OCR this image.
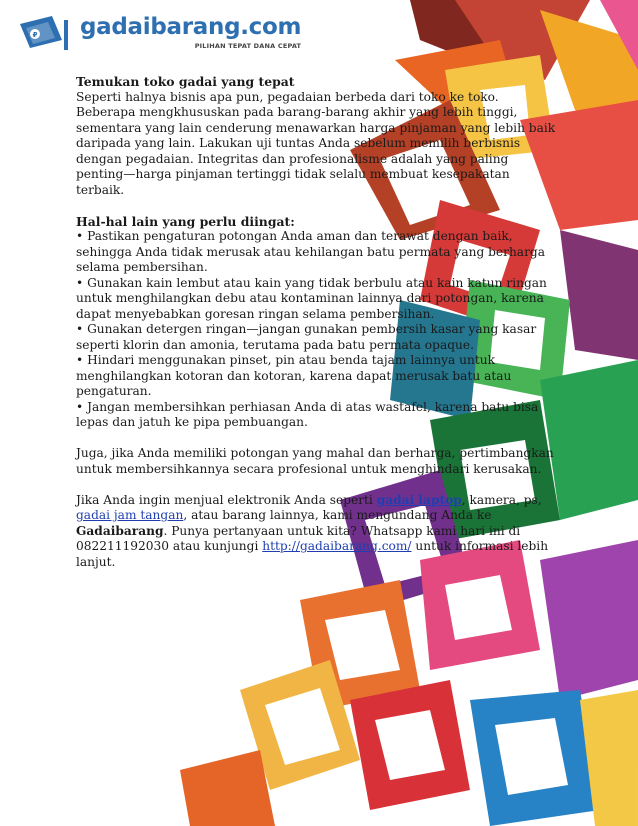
₽ gadaibarang.com
PILIHAN TEPAT DANA CEPAT
Temukan toko gadai yang tepat

Seperti halnya bisnis apa pun, pegadaian berbeda dari toko ke toko. Beberapa mengkhususkan pada barang-barang akhir yang lebih tinggi, sementara yang lain cenderung menawarkan harga pinjaman yang lebih baik daripada yang lain. Lakukan uji tuntas Anda sebelum memilih berbisnis dengan pegadaian. Integritas dan profesionalisme adalah yang paling penting—harga pinjaman tertinggi tidak selalu membuat kesepakatan terbaik.

Hal-hal lain yang perlu diingat:

• Pastikan pengaturan potongan Anda aman dan terawat dengan baik, sehingga Anda tidak merusak atau kehilangan batu permata yang berharga selama pembersihan.

• Gunakan kain lembut atau kain yang tidak berbulu atau kain katun ringan untuk menghilangkan debu atau kontaminan lainnya dari potongan, karena dapat menyebabkan goresan ringan selama pembersihan.

• Gunakan detergen ringan—jangan gunakan pembersih kasar yang kasar seperti klorin dan amonia, terutama pada batu permata opaque.

• Hindari menggunakan pinset, pin atau benda tajam lainnya untuk menghilangkan kotoran dan kotoran, karena dapat merusak batu atau pengaturan.

• Jangan membersihkan perhiasan Anda di atas wastafel, karena batu bisa lepas dan jatuh ke pipa pembuangan.

Juga, jika Anda memiliki potongan yang mahal dan berharga, pertimbangkan untuk membersihkannya secara profesional untuk menghindari kerusakan.

Jika Anda ingin menjual elektronik Anda seperti gadai laptop, kamera, ps, gadai jam tangan, atau barang lainnya, kami mengundang Anda ke Gadaibarang. Punya pertanyaan untuk kita? Whatsapp kami hari ini di 082211192030 atau kunjungi http://gadaibarang.com/ untuk informasi lebih lanjut.
